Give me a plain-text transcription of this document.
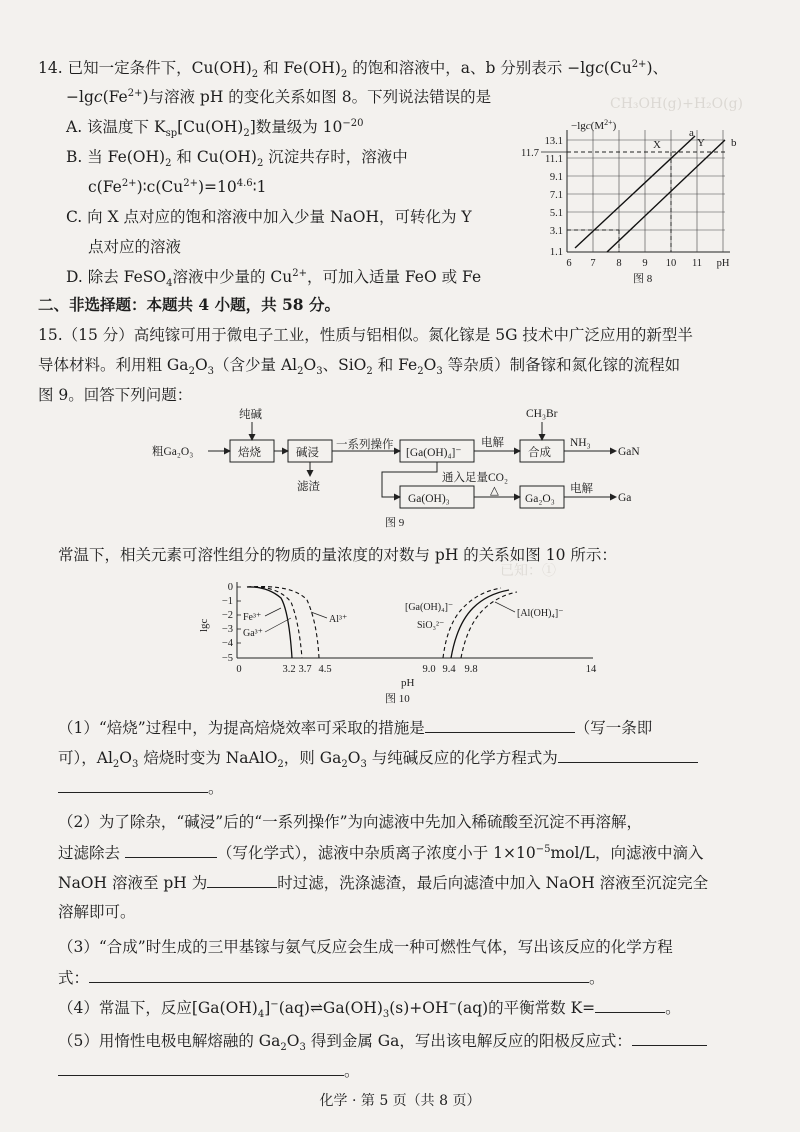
CH₃OH(g)+H₂O(g)
已知：①
14. 已知一定条件下，$Cu(OH)_2$ 和 $Fe(OH)_2$ 的饱和溶液中，a、b 分别表示 $-\lg c(Cu^{2+})$、
$-\lg c(Fe^{2+})$与溶液 pH 的变化关系如图 8。下列说法错误的是
A. 该温度下 $K_{sp}[Cu(OH)_2]$数量级为 $10^{-20}$
B. 当 $Fe(OH)_2$ 和 $Cu(OH)_2$ 沉淀共存时，溶液中
$c(Fe^{2+})∶c(Cu^{2+})=10^{4.6}∶1$
C. 向 X 点对应的饱和溶液中加入少量 NaOH，可转化为 Y
点对应的溶液
D. 除去 FeSO$_4$溶液中少量的 $Cu^{2+}$，可加入适量 FeO 或 Fe
$-\lg c(M^{2+})$
a
b
X	Y
1.1
3.1
5.1
7.1
9.1
11.1
13.1
11.7
6 7 8 9 10 11 pH
图 8
二、非选择题：本题共 4 小题，共 58 分。
15.（15 分）高纯镓可用于微电子工业，性质与铝相似。氮化镓是 5G 技术中广泛应用的新型半
导体材料。利用粗 $Ga_2O_3$（含少量 $Al_2O_3$、SiO$_2$ 和 $Fe_2O_3$ 等杂质）制备镓和氮化镓的流程如
图 9。回答下列问题：
粗Ga₂O₃
纯碱
焙烧	碱浸
滤渣
一系列操作
[Ga(OH)₄]⁻
电解
CH₃Br
合成
NH₃
GaN
通入足量CO₂
Ga(OH)₃
△
Ga₂O₃
电解
Ga
图 9
常温下，相关元素可溶性组分的物质的量浓度的对数与 pH 的关系如图 10 所示：
lgc
0
−1
−2
−3
−4
−5
Fe³⁺
Ga³⁺
Al³⁺
[Ga(OH)₄]⁻
SiO₃²⁻
[Al(OH)₄]⁻
0	3.2 3.7 4.5	9.0 9.4 9.8	14
pH
图 10
（1）“焙烧”过程中，为提高焙烧效率可采取的措施是	（写一条即
可），$Al_2O_3$ 焙烧时变为 NaAlO$_2$，则 $Ga_2O_3$ 与纯碱反应的化学方程式为
。
（2）为了除杂，“碱浸”后的“一系列操作”为向滤液中先加入稀硫酸至沉淀不再溶解，
过滤除去	（写化学式），滤液中杂质离子浓度小于 $1\times 10^{-5}mol/L$，向滤液中滴入
NaOH 溶液至 pH 为	时过滤，洗涤滤渣，最后向滤渣中加入 NaOH 溶液至沉淀完全
溶解即可。
（3）“合成”时生成的三甲基镓与氨气反应会生成一种可燃性气体，写出该反应的化学方程
式：	。
（4）常温下，反应$[Ga(OH)_4]^-(aq)\rightleftharpoons Ga(OH)_3(s)+OH^-(aq)$的平衡常数 K=	。
（5）用惰性电极电解熔融的 $Ga_2O_3$ 得到金属 Ga，写出该电解反应的阳极反应式：
。
化学 · 第 5 页（共 8 页）
